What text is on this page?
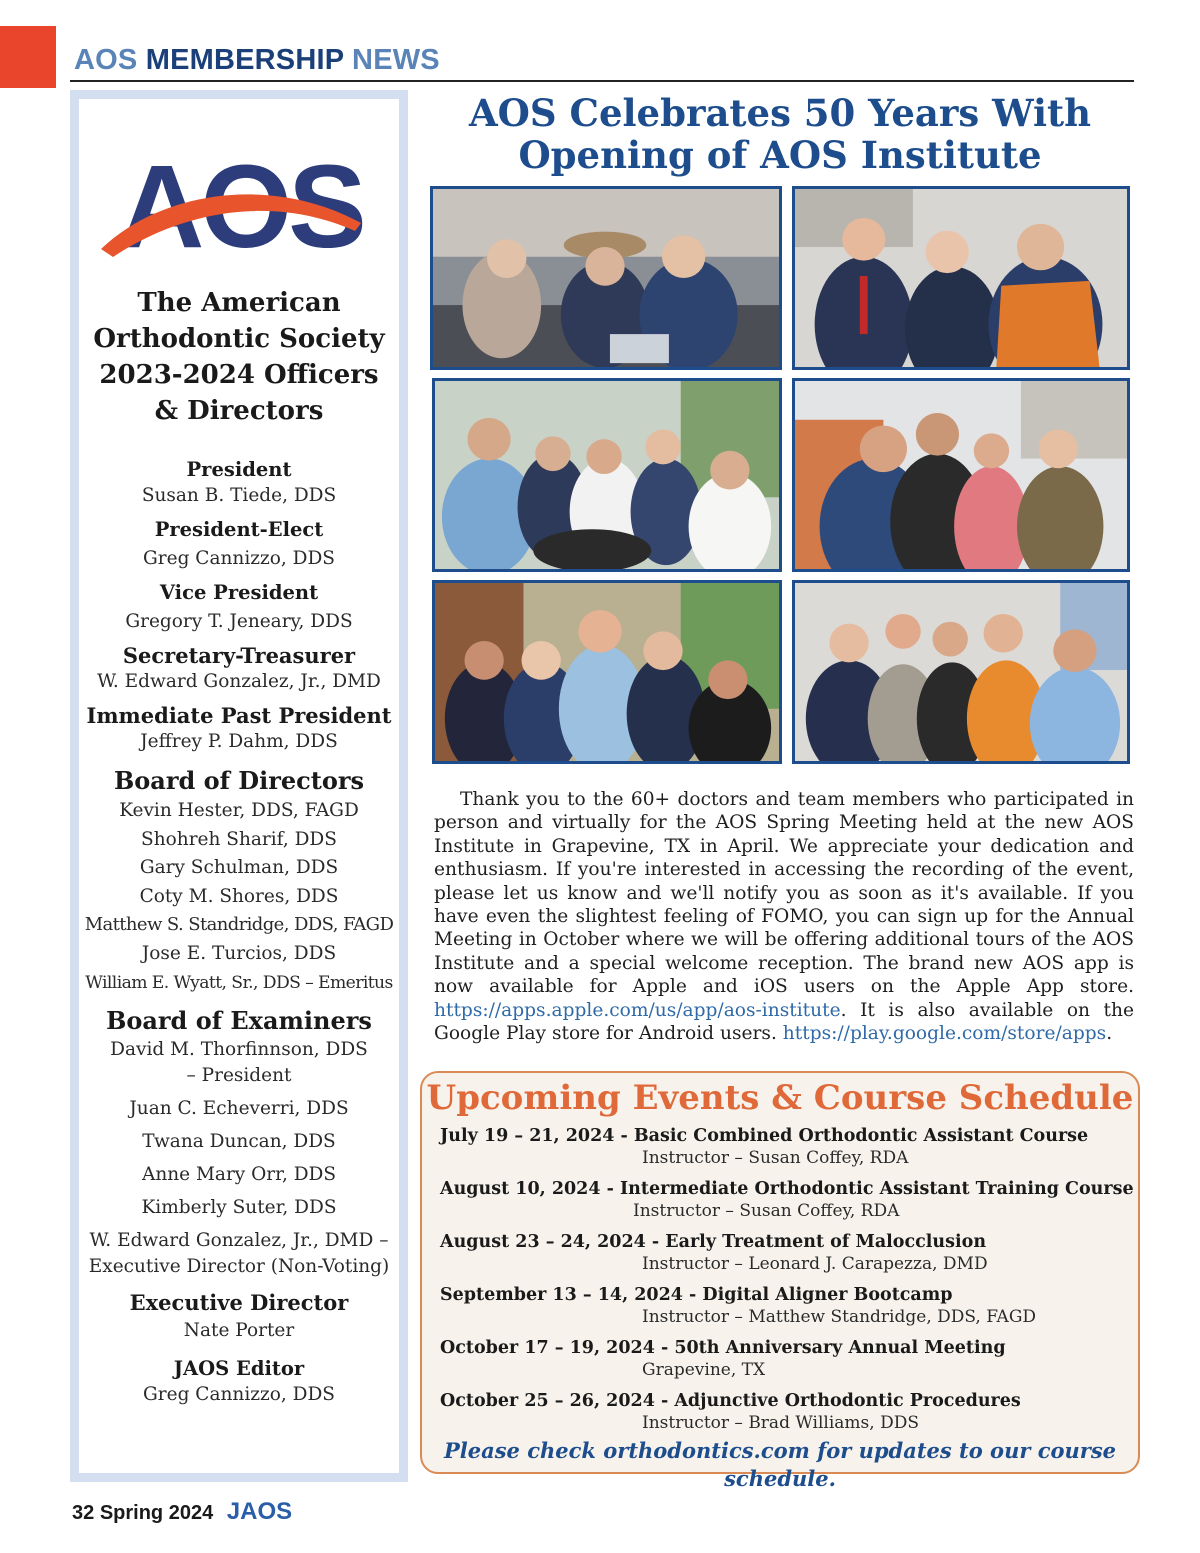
AOS MEMBERSHIP NEWS
AOS
The American
Orthodontic Society
2023-2024 Officers
& Directors
President
Susan B. Tiede, DDS
President-Elect
Greg Cannizzo, DDS
Vice President
Gregory T. Jeneary, DDS
Secretary-Treasurer
W. Edward Gonzalez, Jr., DMD
Immediate Past President
Jeffrey P. Dahm, DDS
Board of Directors
Kevin Hester, DDS, FAGD
Shohreh Sharif, DDS
Gary Schulman, DDS
Coty M. Shores, DDS
Matthew S. Standridge, DDS, FAGD
Jose E. Turcios, DDS
William E. Wyatt, Sr., DDS – Emeritus
Board of Examiners
David M. Thorfinnson, DDS
– President
Juan C. Echeverri, DDS
Twana Duncan, DDS
Anne Mary Orr, DDS
Kimberly Suter, DDS
W. Edward Gonzalez, Jr., DMD –
Executive Director (Non-Voting)
Executive Director
Nate Porter
JAOS Editor
Greg Cannizzo, DDS
AOS Celebrates 50 Years With
Opening of AOS Institute
Thank you to the 60+ doctors and team members who participated in person and virtually for the AOS Spring Meeting held at the new AOS Institute in Grapevine, TX in April. We appreciate your dedication and enthusiasm. If you're interested in accessing the recording of the event, please let us know and we'll notify you as soon as it's available. If you have even the slightest feeling of FOMO, you can sign up for the Annual Meeting in October where we will be offering additional tours of the AOS Institute and a special welcome reception. The brand new AOS app is now available for Apple and iOS users on the Apple App store. https://apps.apple.com/us/app/aos-institute. It is also available on the Google Play store for Android users. https://play.google.com/store/apps.
Upcoming Events & Course Schedule
July 19 – 21, 2024 - Basic Combined Orthodontic Assistant Course
Instructor – Susan Coffey, RDA
August 10, 2024 - Intermediate Orthodontic Assistant Training Course
Instructor – Susan Coffey, RDA
August 23 – 24, 2024 - Early Treatment of Malocclusion
Instructor – Leonard J. Carapezza, DMD
September 13 – 14, 2024 - Digital Aligner Bootcamp
Instructor – Matthew Standridge, DDS, FAGD
October 17 – 19, 2024 - 50th Anniversary Annual Meeting
Grapevine, TX
October 25 – 26, 2024 - Adjunctive Orthodontic Procedures
Instructor – Brad Williams, DDS
Please check orthodontics.com for updates to our course schedule.
32 Spring 2024 JAOS
